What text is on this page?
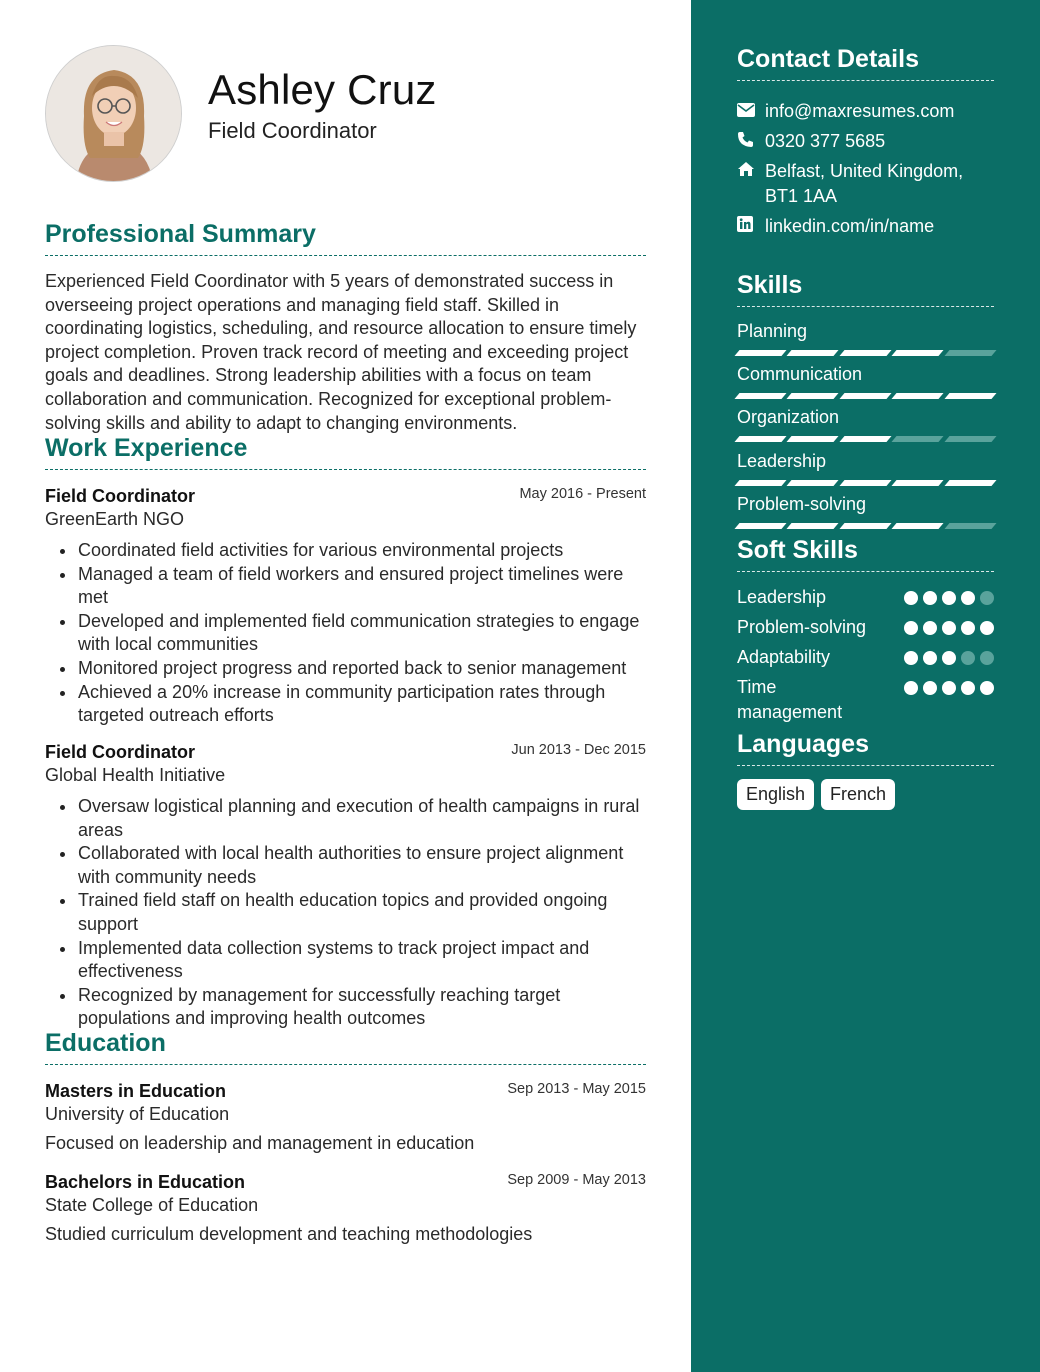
Ashley Cruz
Field Coordinator
Professional Summary
Experienced Field Coordinator with 5 years of demonstrated success in overseeing project operations and managing field staff. Skilled in coordinating logistics, scheduling, and resource allocation to ensure timely project completion. Proven track record of meeting and exceeding project goals and deadlines. Strong leadership abilities with a focus on team collaboration and communication. Recognized for exceptional problem-solving skills and ability to adapt to changing environments.
Work Experience
Field Coordinator
GreenEarth NGO
May 2016 - Present
Coordinated field activities for various environmental projects
Managed a team of field workers and ensured project timelines were met
Developed and implemented field communication strategies to engage with local communities
Monitored project progress and reported back to senior management
Achieved a 20% increase in community participation rates through targeted outreach efforts
Field Coordinator
Global Health Initiative
Jun 2013 - Dec 2015
Oversaw logistical planning and execution of health campaigns in rural areas
Collaborated with local health authorities to ensure project alignment with community needs
Trained field staff on health education topics and provided ongoing support
Implemented data collection systems to track project impact and effectiveness
Recognized by management for successfully reaching target populations and improving health outcomes
Education
Masters in Education
University of Education
Sep 2013 - May 2015
Focused on leadership and management in education
Bachelors in Education
State College of Education
Sep 2009 - May 2013
Studied curriculum development and teaching methodologies
Contact Details
info@maxresumes.com
0320 377 5685
Belfast, United Kingdom, BT1 1AA
linkedin.com/in/name
Skills
Planning
Communication
Organization
Leadership
Problem-solving
Soft Skills
Leadership
Problem-solving
Adaptability
Time management
Languages
English	French
